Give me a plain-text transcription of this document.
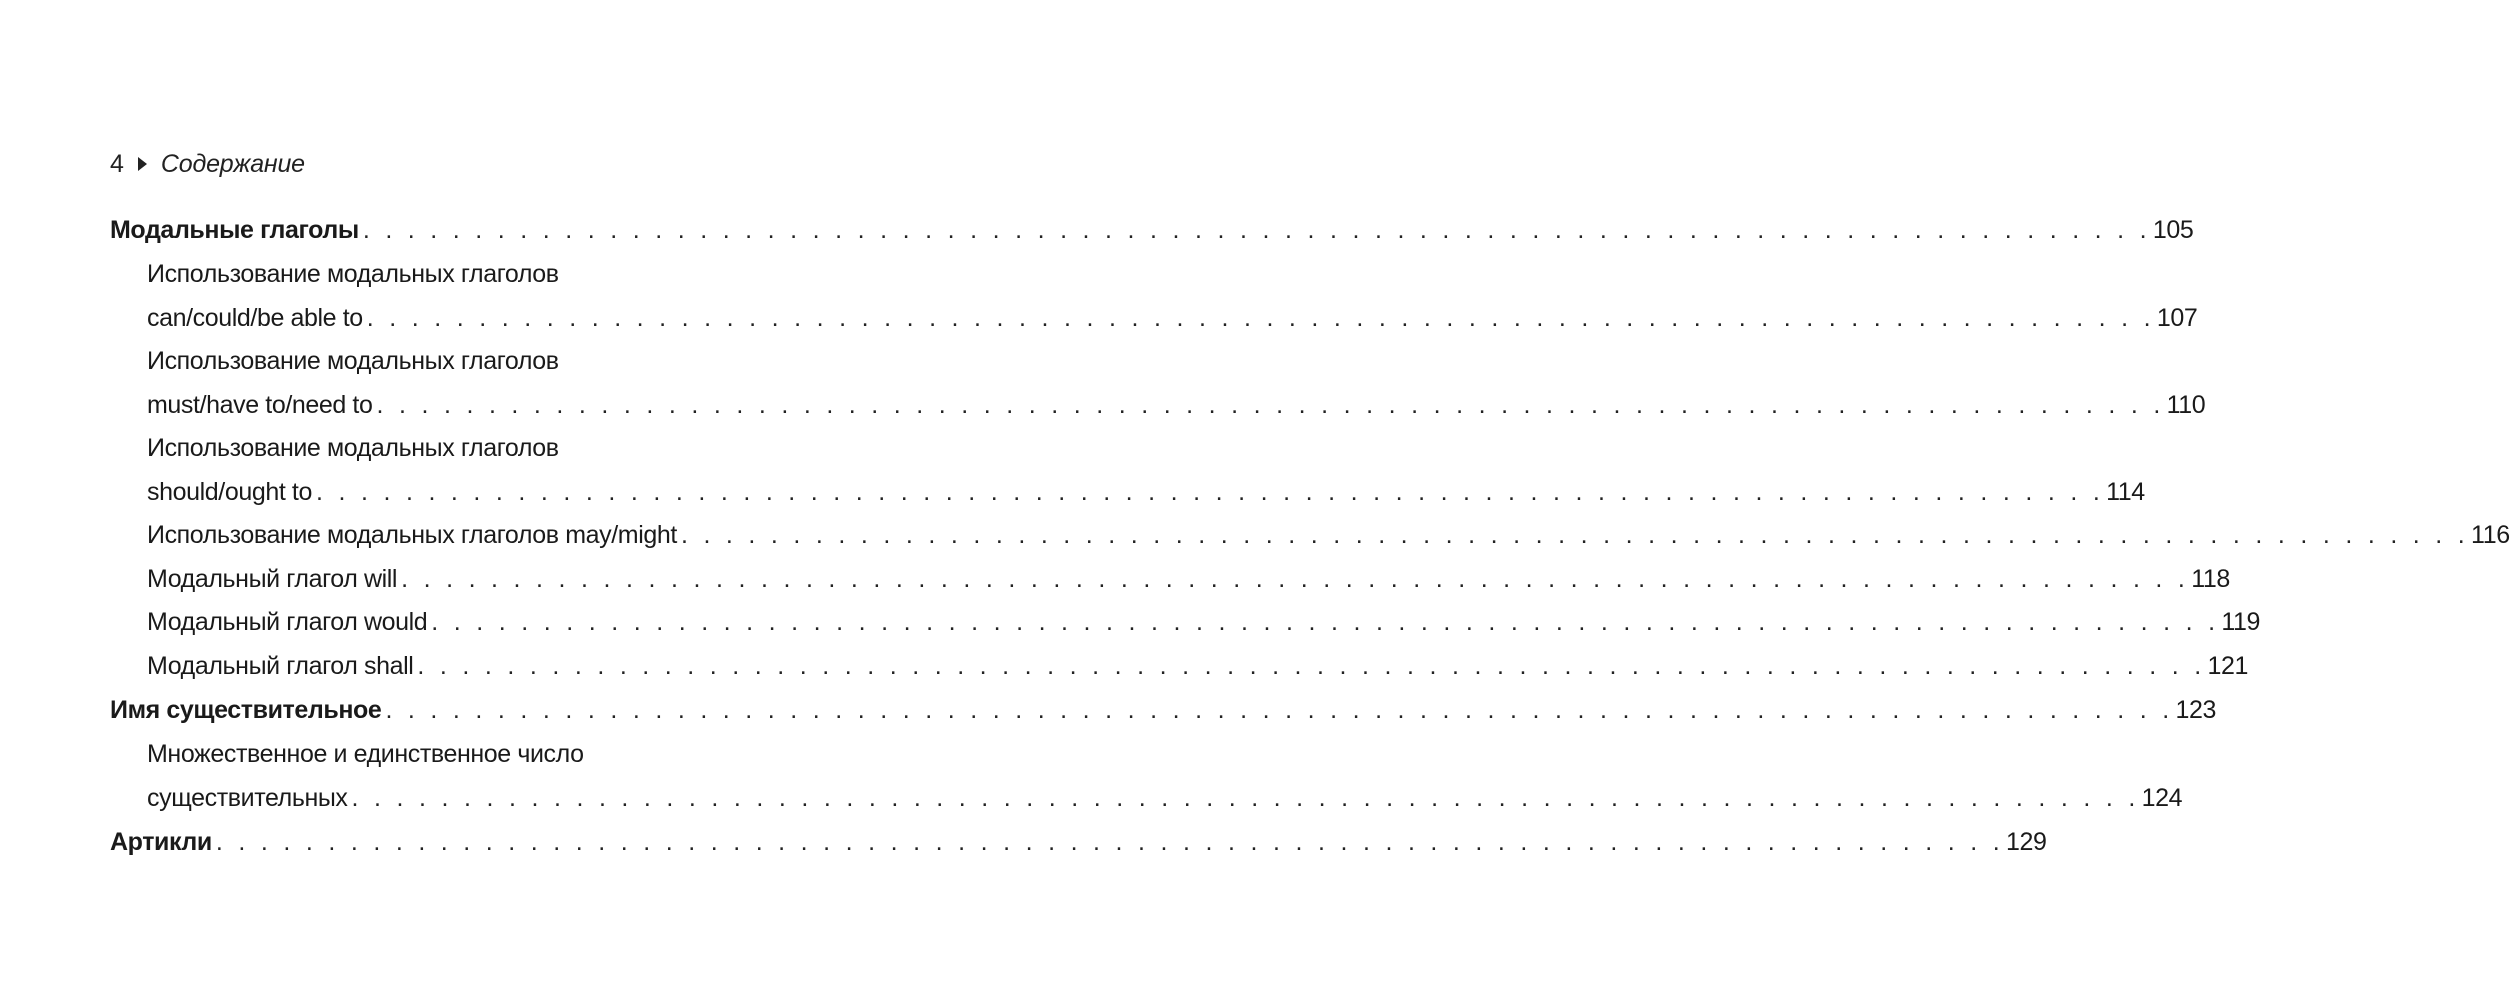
4 Содержание
Модальные глаголы . . . . . . . . . . . . . . . . . . . . . . . . . . . . . . . . . . . . . . . . . . . . . . . . . . . . . . . . . . . . . . . . . . . . . . . . . . . . . . . . 105
Использование модальных глаголов
can/could/be able to . . . . . . . . . . . . . . . . . . . . . . . . . . . . . . . . . . . . . . . . . . . . . . . . . . . . . . . . . . . . . . . . . . . . . . . . . . . . . . . . 107
Использование модальных глаголов
must/have to/need to . . . . . . . . . . . . . . . . . . . . . . . . . . . . . . . . . . . . . . . . . . . . . . . . . . . . . . . . . . . . . . . . . . . . . . . . . . . . . . . . 110
Использование модальных глаголов
should/ought to . . . . . . . . . . . . . . . . . . . . . . . . . . . . . . . . . . . . . . . . . . . . . . . . . . . . . . . . . . . . . . . . . . . . . . . . . . . . . . . . 114
Использование модальных глаголов may/might . . . . . . . . . . . . . . . . . . . . . . . . . . . . . . . . . . . . . . . . . . . . . . . . . . . . . . . . . . . . . . . . . . . . . . . . . . . . . . . . 116
Модальный глагол will . . . . . . . . . . . . . . . . . . . . . . . . . . . . . . . . . . . . . . . . . . . . . . . . . . . . . . . . . . . . . . . . . . . . . . . . . . . . . . . . 118
Модальный глагол would . . . . . . . . . . . . . . . . . . . . . . . . . . . . . . . . . . . . . . . . . . . . . . . . . . . . . . . . . . . . . . . . . . . . . . . . . . . . . . . . 119
Модальный глагол shall . . . . . . . . . . . . . . . . . . . . . . . . . . . . . . . . . . . . . . . . . . . . . . . . . . . . . . . . . . . . . . . . . . . . . . . . . . . . . . . . 121
Имя существительное . . . . . . . . . . . . . . . . . . . . . . . . . . . . . . . . . . . . . . . . . . . . . . . . . . . . . . . . . . . . . . . . . . . . . . . . . . . . . . . . 123
Множественное и единственное число
существительных . . . . . . . . . . . . . . . . . . . . . . . . . . . . . . . . . . . . . . . . . . . . . . . . . . . . . . . . . . . . . . . . . . . . . . . . . . . . . . . . 124
Артикли . . . . . . . . . . . . . . . . . . . . . . . . . . . . . . . . . . . . . . . . . . . . . . . . . . . . . . . . . . . . . . . . . . . . . . . . . . . . . . . . 129
